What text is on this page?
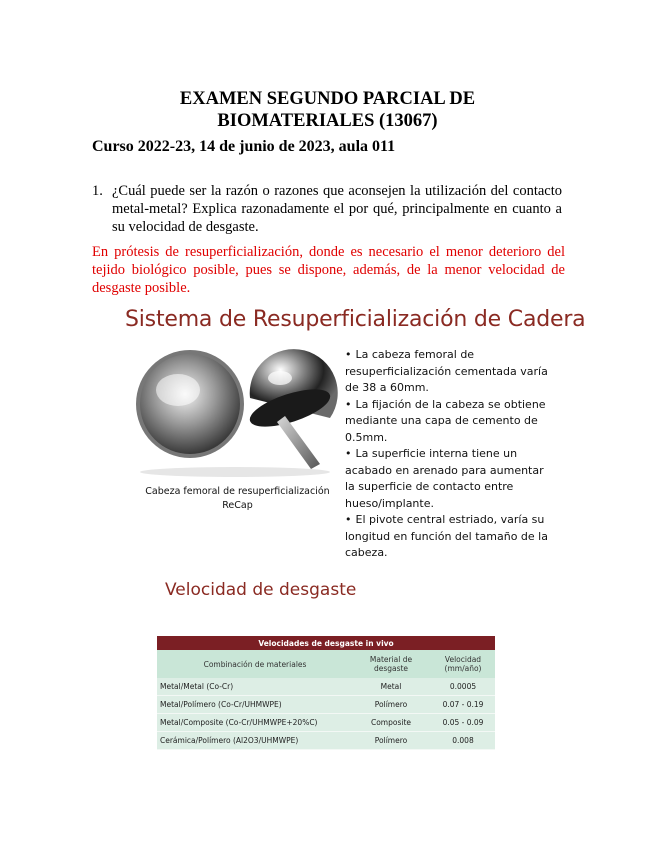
EXAMEN SEGUNDO PARCIAL DE
BIOMATERIALES (13067)
Curso 2022-23, 14 de junio de 2023, aula 011
1. ¿Cuál puede ser la razón o razones que aconsejen la utilización del contacto metal-metal? Explica razonadamente el por qué, principalmente en cuanto a su velocidad de desgaste.
En prótesis de resuperficialización, donde es necesario el menor deterioro del tejido biológico posible, pues se dispone, además, de la menor velocidad de desgaste posible.
Sistema de Resuperficialización de Cadera
Cabeza femoral de resuperficialización
ReCap
• La cabeza femoral de resuperficialización cementada varía de 38 a 60mm.
• La fijación de la cabeza se obtiene mediante una capa de cemento de 0.5mm.
• La superficie interna tiene un acabado en arenado para aumentar la superficie de contacto entre hueso/implante.
• El pivote central estriado, varía su longitud en función del tamaño de la cabeza.
Velocidad de desgaste
Velocidades de desgaste in vivo		
Combinación de materiales	Material de desgaste	Velocidad (mm/año)
Metal/Metal (Co-Cr)	Metal	0.0005
Metal/Polímero (Co-Cr/UHMWPE)	Polímero	0.07 - 0.19
Metal/Composite (Co-Cr/UHMWPE+20%C)	Composite	0.05 - 0.09
Cerámica/Polímero (Al2O3/UHMWPE)	Polímero	0.008
